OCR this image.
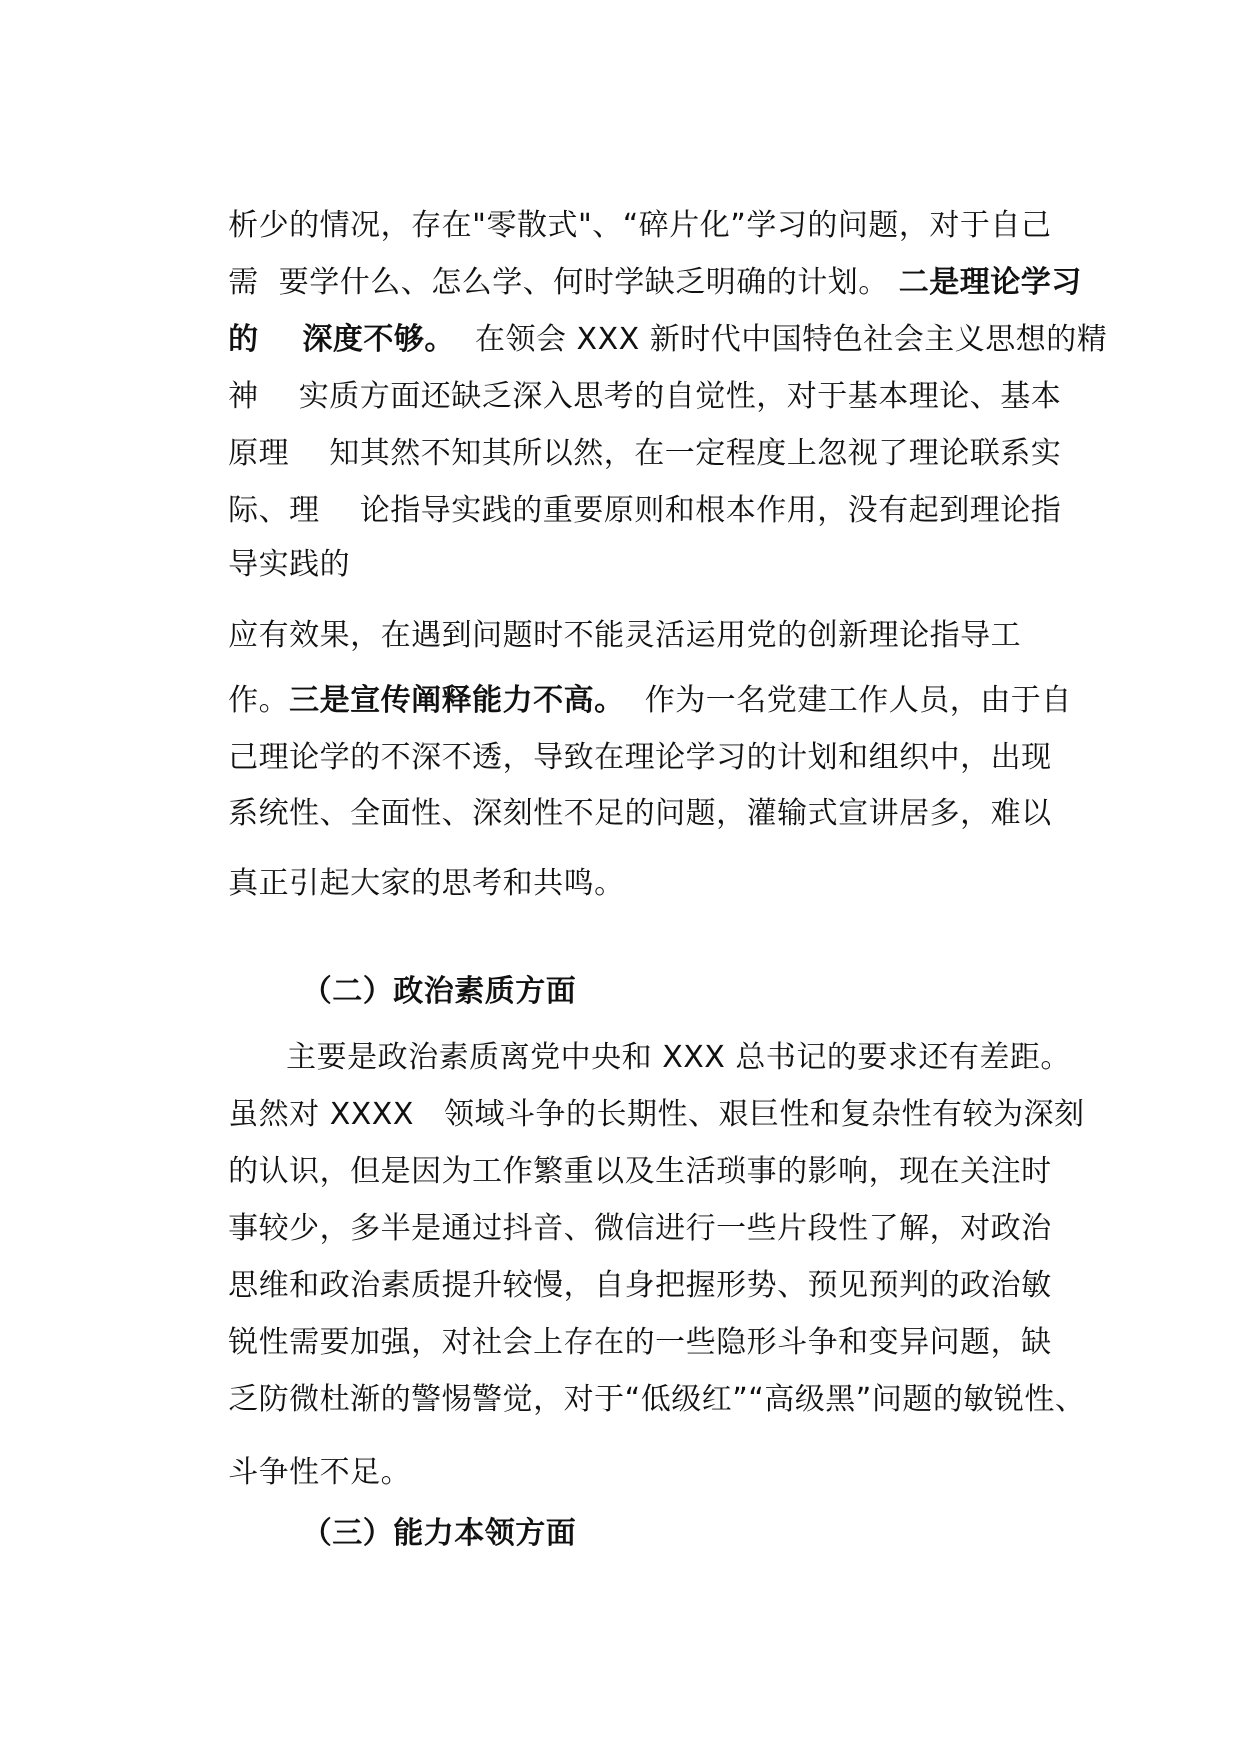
析少的情况，存在"零散式"、“碎片化”学习的问题，对于自己

需  要学什么、怎么学、何时学缺乏明确的计划。 二是理论学习

的    深度不够。  在领会 XXX 新时代中国特色社会主义思想的精

神    实质方面还缺乏深入思考的自觉性，对于基本理论、基本

原理    知其然不知其所以然，在一定程度上忽视了理论联系实

际、理    论指导实践的重要原则和根本作用，没有起到理论指

导实践的

应有效果，在遇到问题时不能灵活运用党的创新理论指导工

作。三是宣传阐释能力不高。  作为一名党建工作人员，由于自

己理论学的不深不透，导致在理论学习的计划和组织中，出现

系统性、全面性、深刻性不足的问题，灌输式宣讲居多，难以

真正引起大家的思考和共鸣。

（二）政治素质方面

主要是政治素质离党中央和 XXX 总书记的要求还有差距。

虽然对 XXXX   领域斗争的长期性、艰巨性和复杂性有较为深刻

的认识，但是因为工作繁重以及生活琐事的影响，现在关注时

事较少，多半是通过抖音、微信进行一些片段性了解，对政治

思维和政治素质提升较慢，自身把握形势、预见预判的政治敏

锐性需要加强，对社会上存在的一些隐形斗争和变异问题，缺

乏防微杜渐的警惕警觉，对于“低级红”“高级黑”问题的敏锐性、

斗争性不足。

（三）能力本领方面
